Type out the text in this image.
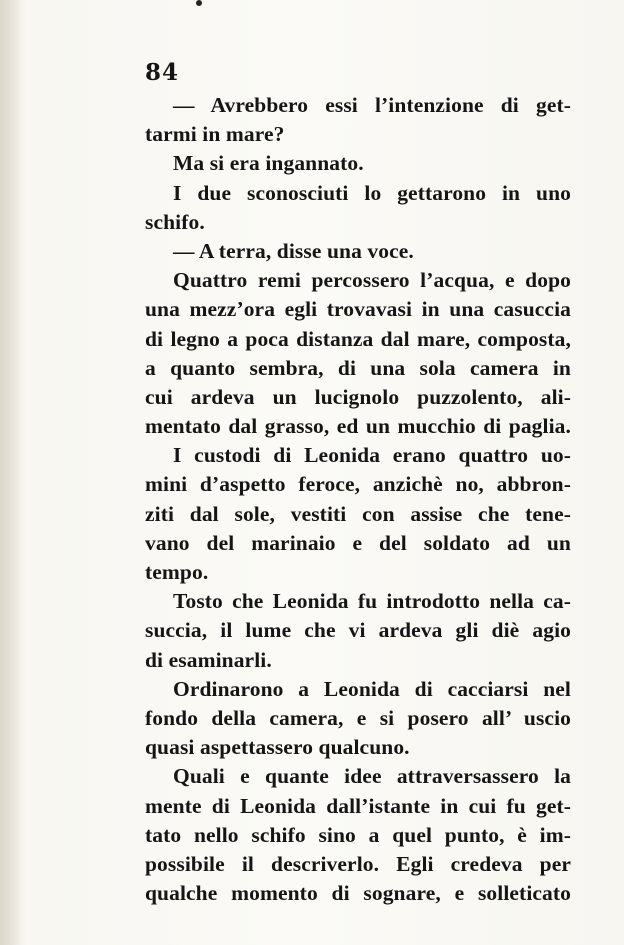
84
— Avrebbero essi l’intenzione di get-
tarmi in mare?
Ma si era ingannato.
I due sconosciuti lo gettarono in uno
schifo.
— A terra, disse una voce.
Quattro remi percossero l’acqua, e dopo
una mezz’ora egli trovavasi in una casuccia
di legno a poca distanza dal mare, composta,
a quanto sembra, di una sola camera in
cui ardeva un lucignolo puzzolento, ali-
mentato dal grasso, ed un mucchio di paglia.
I custodi di Leonida erano quattro uo-
mini d’aspetto feroce, anzichè no, abbron-
ziti dal sole, vestiti con assise che tene-
vano del marinaio e del soldato ad un
tempo.
Tosto che Leonida fu introdotto nella ca-
succia, il lume che vi ardeva gli diè agio
di esaminarli.
Ordinarono a Leonida di cacciarsi nel
fondo della camera, e si posero all’ uscio
quasi aspettassero qualcuno.
Quali e quante idee attraversassero la
mente di Leonida dall’istante in cui fu get-
tato nello schifo sino a quel punto, è im-
possibile il descriverlo. Egli credeva per
qualche momento di sognare, e solleticato
